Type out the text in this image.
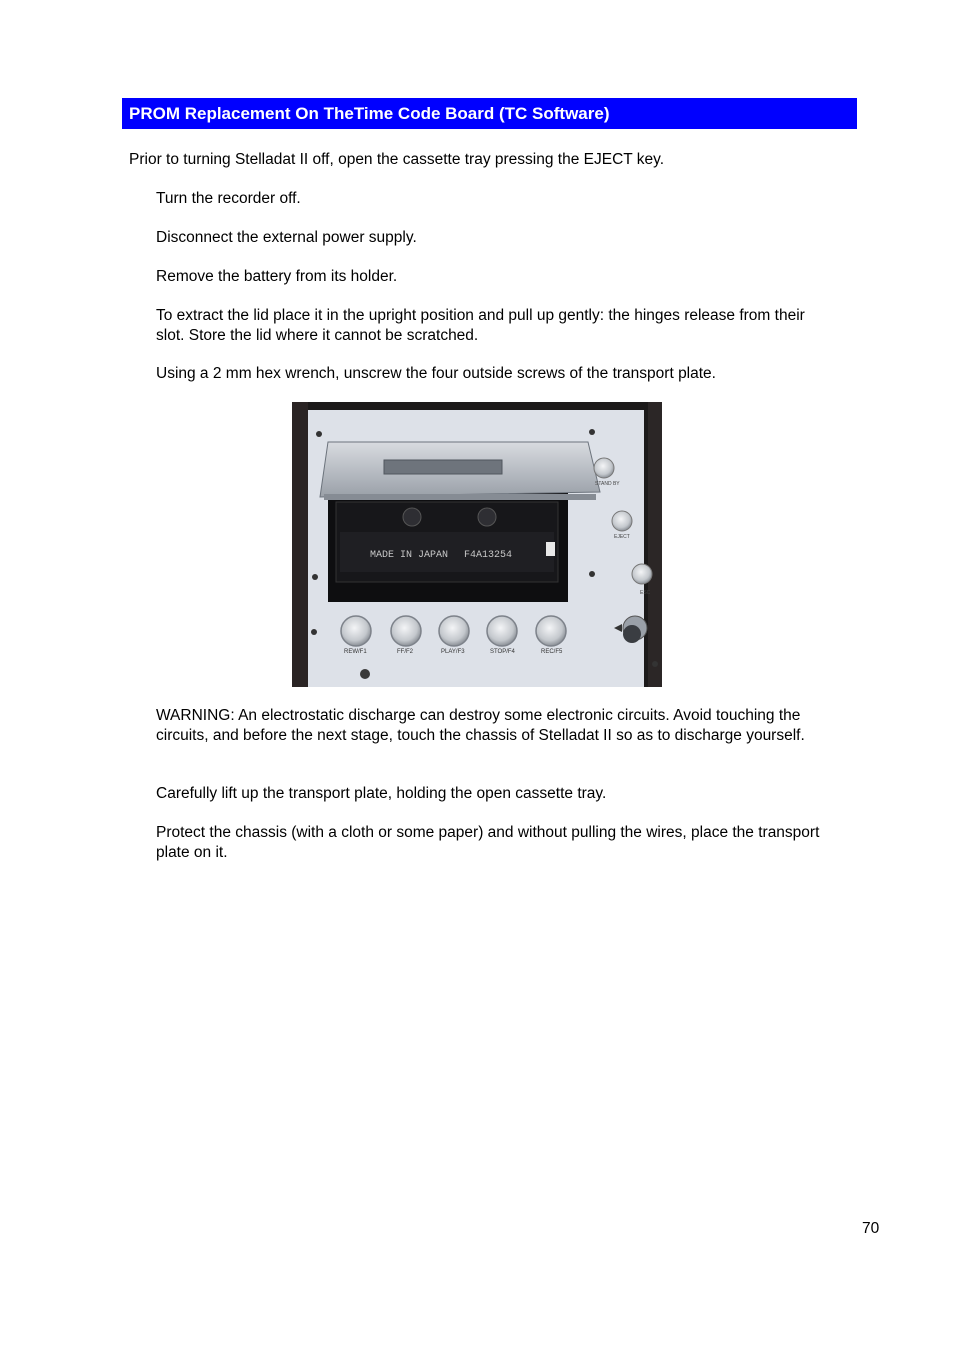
PROM Replacement On TheTime Code Board (TC Software)
Prior to turning Stelladat II off, open the cassette tray pressing the EJECT key.
Turn the recorder off.
Disconnect the external power supply.
Remove the battery from its holder.
To extract the lid place it in the upright position and pull up gently: the hinges release from their slot. Store the lid where it cannot be scratched.
Using a 2 mm hex wrench, unscrew the four outside screws of the transport plate.
MADE IN JAPAN F4A13254
STAND BY
EJECT
ESC
REW/F1	FF/F2	PLAY/F3	STOP/F4	REC/F5
WARNING: An electrostatic discharge can destroy some electronic circuits. Avoid touching the circuits, and before the next stage, touch the chassis of Stelladat II so as to discharge yourself.
Carefully lift up the transport plate, holding the open cassette tray.
Protect the chassis (with a cloth or some paper) and without pulling the wires, place the transport plate on it.
70
